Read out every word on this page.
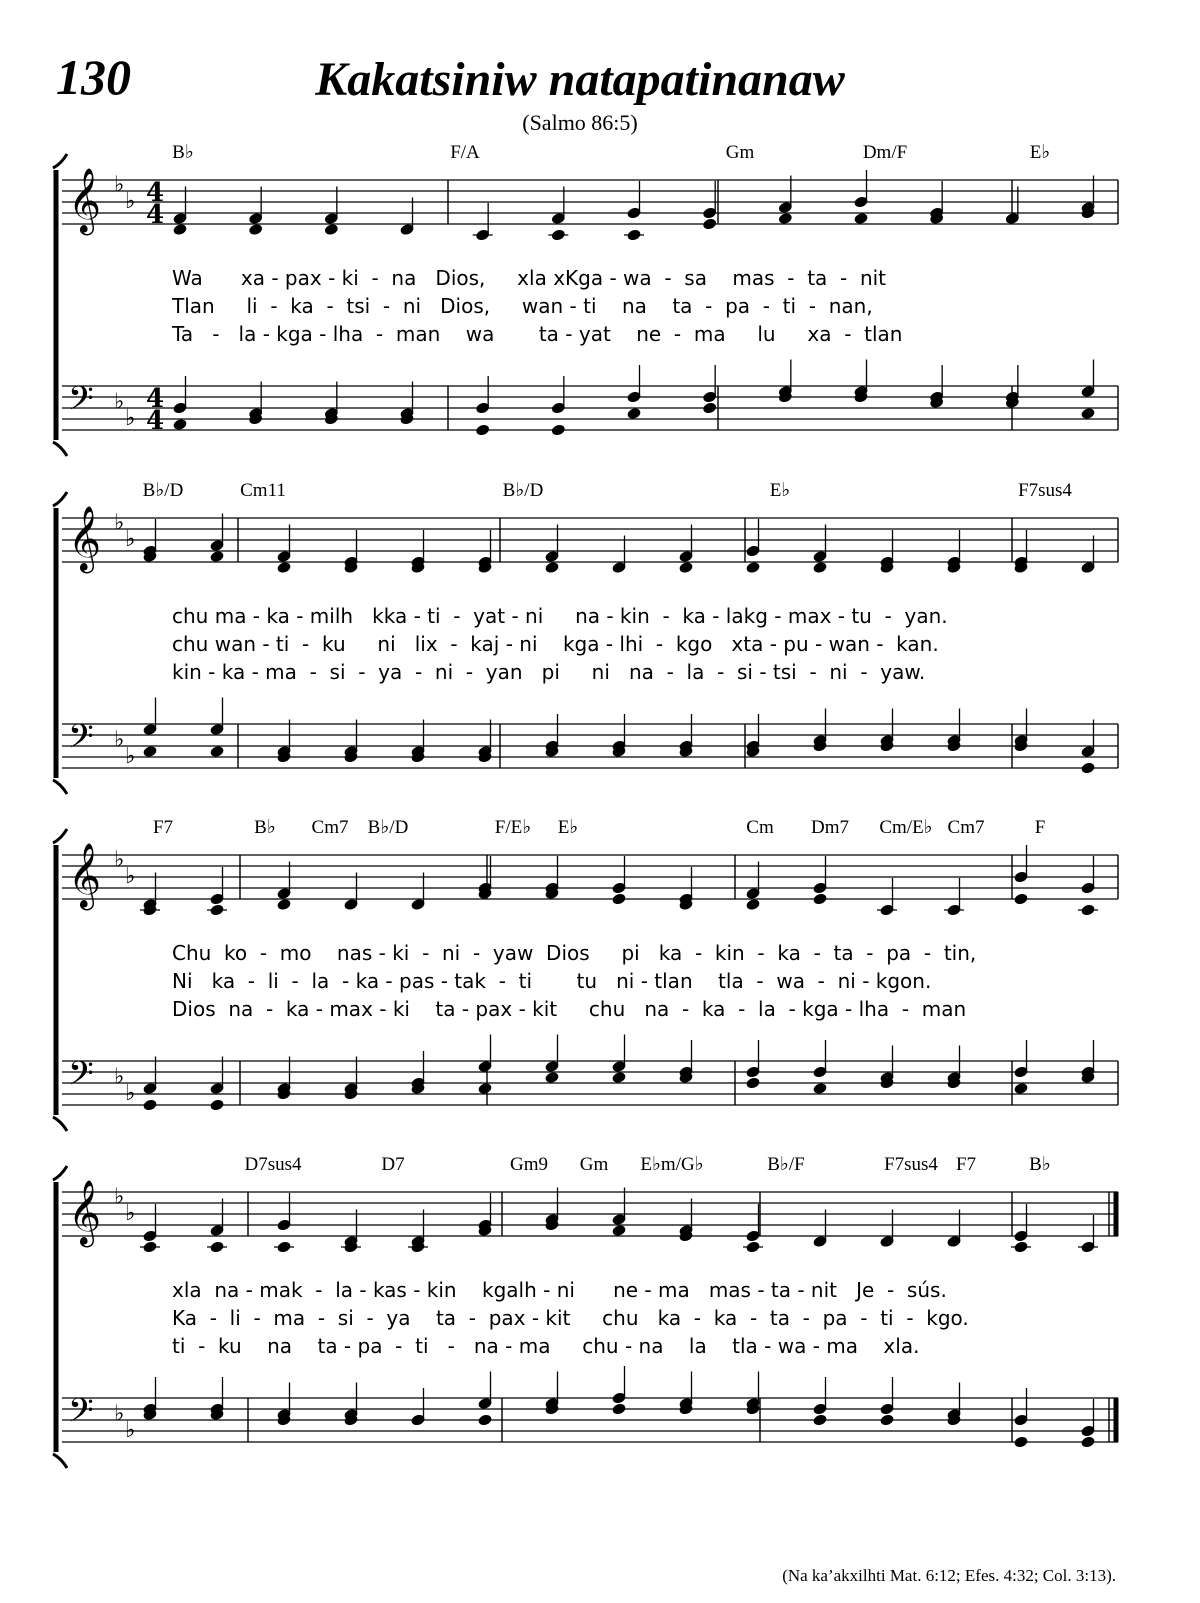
130	Kakatsiniw natapatinanaw
(Salmo 86:5)
𝄞 ♭
♭ 4
4
𝄢 ♭
♭
4
4
B♭	F/A	Gm	Dm/F	E♭
Wa      xa - pax - ki  -  na   Dios,     xla xKga - wa  -  sa    mas  -  ta  -  nit
Tlan     li  -  ka  -  tsi  -  ni   Dios,     wan - ti    na    ta  -  pa  -  ti  -  nan,
Ta   -   la - kga - lha  -  man    wa       ta - yat    ne  -  ma     lu     xa  -  tlan
𝄞 ♭
♭
𝄢 ♭
♭
B♭/D	Cm11	B♭/D	E♭	F7sus4
chu ma - ka - milh   kka - ti  -  yat - ni     na - kin  -  ka - lakg - max - tu  -  yan.
chu wan - ti  -  ku     ni   lix  -  kaj - ni    kga - lhi  -  kgo   xta - pu - wan -  kan.
kin - ka - ma  -  si  -  ya  -  ni  -  yan   pi     ni   na  -  la  -  si - tsi  -  ni  -  yaw.
𝄞 ♭
♭
𝄢 ♭
♭
F7	B♭ Cm7 B♭/D	F/E♭ E♭	Cm Dm7 Cm/E♭ Cm7	F
Chu  ko  -  mo    nas - ki  -  ni  -  yaw  Dios     pi   ka  -  kin  -  ka  -  ta  -  pa  -  tin,
Ni   ka  -  li  -  la  - ka - pas - tak  -  ti       tu   ni - tlan    tla  -  wa  -  ni - kgon.
Dios  na  -  ka - max - ki    ta - pax - kit     chu   na  -  ka  -  la  - kga - lha  -  man
𝄞 ♭
♭
𝄢 ♭
♭
D7sus4	D7	Gm9 Gm E♭m/G♭	B♭/F	F7sus4 F7	B♭
xla  na - mak  -  la - kas - kin    kgalh - ni      ne - ma   mas - ta - nit   Je  -  sús.
Ka  -  li  -  ma  -  si  -  ya    ta  -  pax - kit     chu   ka  -  ka  -  ta  -  pa  -  ti  -  kgo.
ti  -  ku    na    ta - pa  -  ti   -   na - ma     chu - na    la    tla - wa - ma    xla.
(Na ka’akxilhti Mat. 6:12; Efes. 4:32; Col. 3:13).
